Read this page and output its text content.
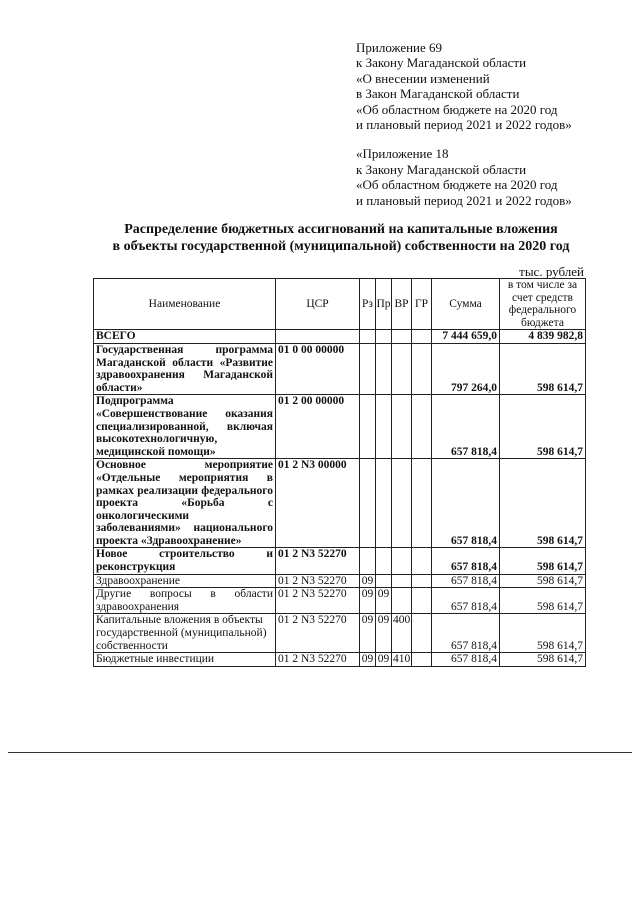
Приложение 69
к Закону Магаданской области
«О внесении изменений
в Закон Магаданской области
«Об областном бюджете на 2020 год
и плановый период 2021 и 2022 годов»
«Приложение 18
к Закону Магаданской области
«Об областном бюджете на 2020 год
и плановый период 2021 и 2022 годов»
Распределение бюджетных ассигнований на капитальные вложения
в объекты государственной (муниципальной) собственности на 2020 год
тыс. рублей
Наименование	ЦСР	Рз	Пр	ВР	ГР	Сумма	в том числе за счет средств федерального бюджета
ВСЕГО						7 444 659,0	4 839 982,8
Государственная программа Магаданской области «Развитие здравоохранения Магаданской области»	01 0 00 00000					797 264,0	598 614,7
Подпрограмма «Совершенствование оказания специализированной, включая высокотехнологичную, медицинской помощи»	01 2 00 00000					657 818,4	598 614,7
Основное мероприятие «Отдельные мероприятия в рамках реализации федерального проекта «Борьба с онкологическими заболеваниями» национального проекта «Здравоохранение»	01 2 N3 00000					657 818,4	598 614,7
Новое строительство и реконструкция	01 2 N3 52270					657 818,4	598 614,7
Здравоохранение	01 2 N3 52270	09				657 818,4	598 614,7
Другие вопросы в области здравоохранения	01 2 N3 52270	09	09			657 818,4	598 614,7
Капитальные вложения в объекты государственной (муниципальной) собственности	01 2 N3 52270	09	09	400		657 818,4	598 614,7
Бюджетные инвестиции	01 2 N3 52270	09	09	410		657 818,4	598 614,7
